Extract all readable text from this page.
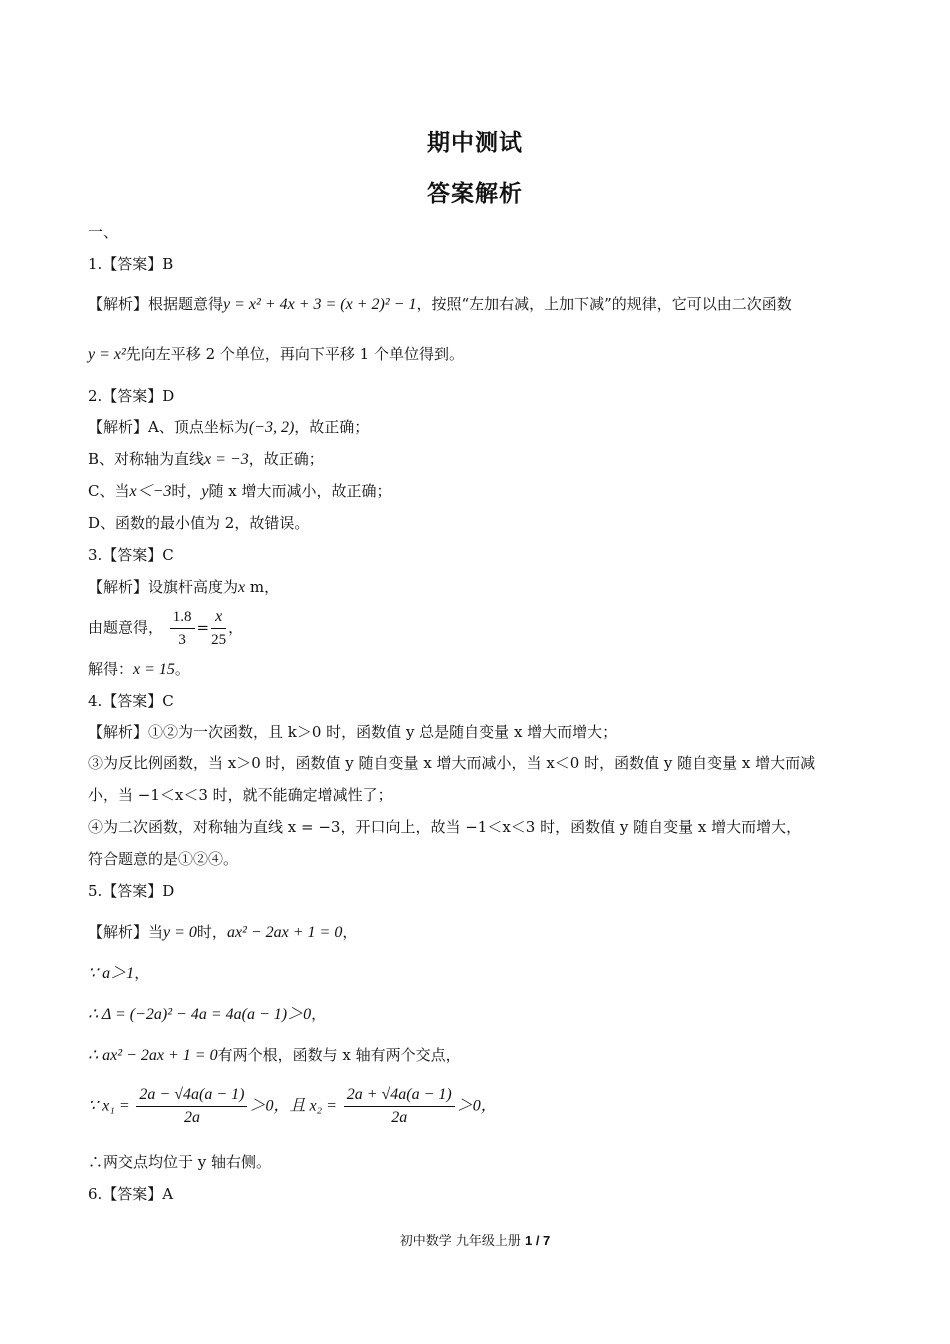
期中测试
答案解析
一、
1.【答案】B
【解析】根据题意得y = x² + 4x + 3 = (x + 2)² − 1，按照“左加右减，上加下减”的规律，它可以由二次函数
y = x²先向左平移 2 个单位，再向下平移 1 个单位得到。
2.【答案】D
【解析】A、顶点坐标为(−3, 2)，故正确；
B、对称轴为直线x = −3，故正确；
C、当x＜−3时，y随 x 增大而减小，故正确；
D、函数的最小值为 2，故错误。
3.【答案】C
【解析】设旗杆高度为x m，
由题意得， $\frac{1.8}{3} = \frac{x}{25}$ ，
解得：x = 15。
4.【答案】C
【解析】①②为一次函数，且 k＞0 时，函数值 y 总是随自变量 x 增大而增大；
③为反比例函数，当 x＞0 时，函数值 y 随自变量 x 增大而减小，当 x＜0 时，函数值 y 随自变量 x 增大而减
小，当 −1＜x＜3 时，就不能确定增减性了；
④为二次函数，对称轴为直线 x = −3，开口向上，故当 −1＜x＜3 时，函数值 y 随自变量 x 增大而增大，
符合题意的是①②④。
5.【答案】D
【解析】当y = 0时，ax² − 2ax + 1 = 0，
∵ a＞1，
∴ Δ = (−2a)² − 4a = 4a(a − 1)＞0，
∴ ax² − 2ax + 1 = 0有两个根，函数与 x 轴有两个交点，
∵ $x_1 = \frac{2a - √4a(a - 1)}{2a} >0$，且 $x_2 = \frac{2a + √4a(a - 1)}{2a} >0$，
∴两交点均位于 y 轴右侧。
6.【答案】A
初中数学 九年级上册 1 / 7
